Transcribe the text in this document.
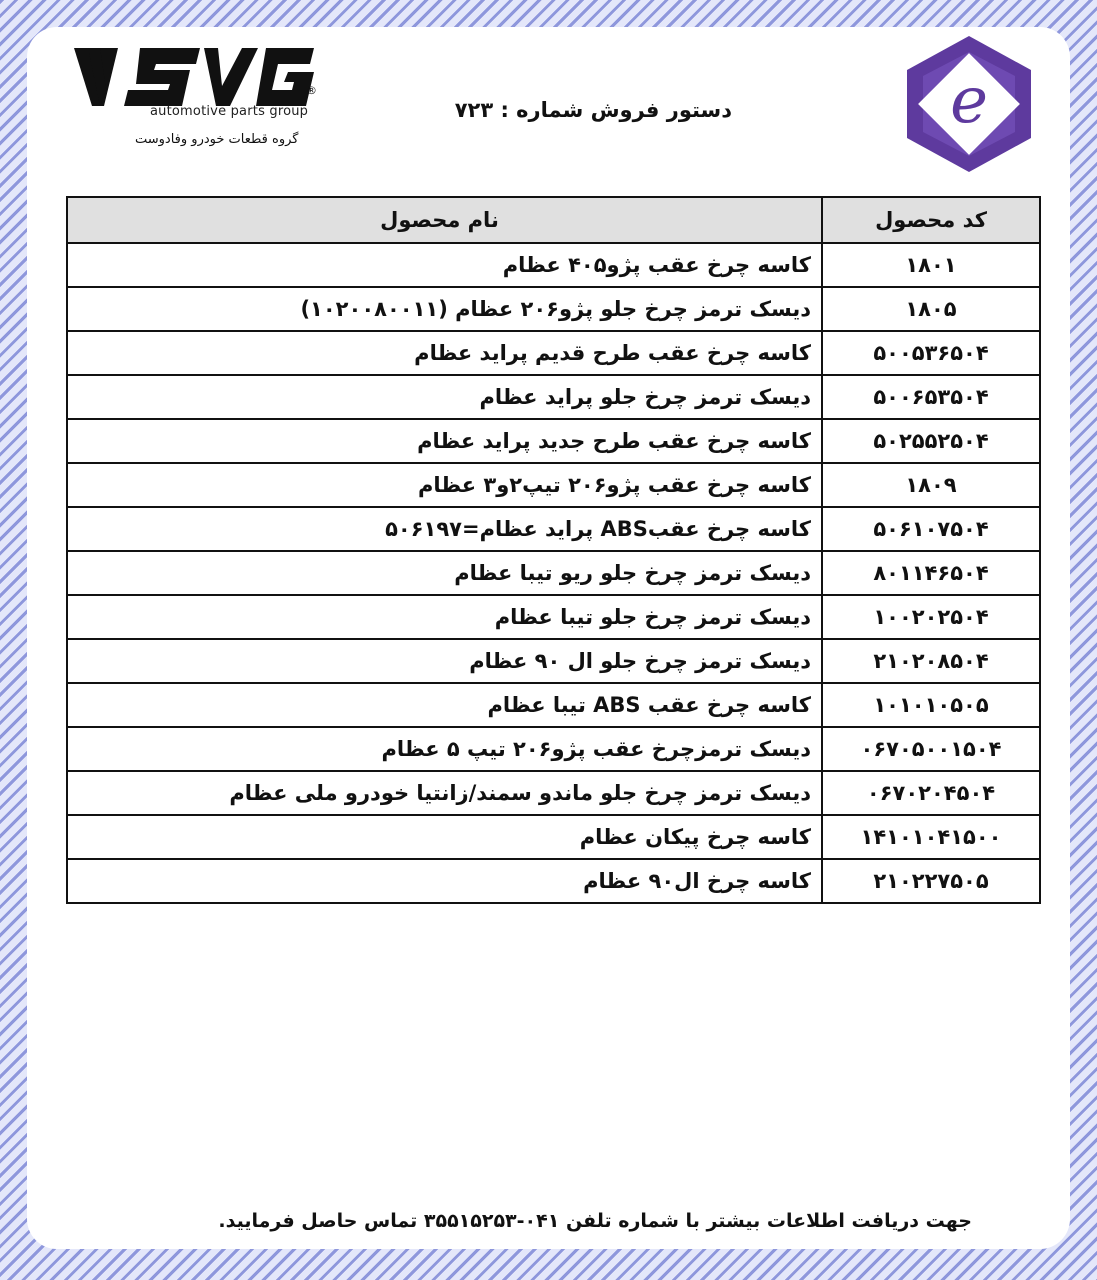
®
automotive parts group
گروه قطعات خودرو وفادوست
دستور فروش شماره : ۷۲۳	e
کد محصول	نام محصول
۱۸۰۱	کاسه چرخ عقب پژو۴۰۵ عظام
۱۸۰۵	دیسک ترمز چرخ جلو پژو۲۰۶ عظام (۱۰۲۰۰۸۰۰۱۱)
۵۰۰۵۳۶۵۰۴	کاسه چرخ عقب طرح قدیم پراید عظام
۵۰۰۶۵۳۵۰۴	دیسک ترمز چرخ جلو پراید عظام
۵۰۲۵۵۲۵۰۴	کاسه چرخ عقب طرح جدید پراید عظام
۱۸۰۹	کاسه چرخ عقب پژو۲۰۶ تیپ۲و۳ عظام
۵۰۶۱۰۷۵۰۴	کاسه چرخ عقبABS پراید عظام=۵۰۶۱۹۷
۸۰۱۱۴۶۵۰۴	دیسک ترمز چرخ جلو ریو تیبا عظام
۱۰۰۲۰۲۵۰۴	دیسک ترمز چرخ جلو تیبا عظام
۲۱۰۲۰۸۵۰۴	دیسک ترمز چرخ جلو ال ۹۰ عظام
۱۰۱۰۱۰۵۰۵	کاسه چرخ عقب ABS تیبا عظام
۰۶۷۰۵۰۰۱۵۰۴	دیسک ترمزچرخ عقب پژو۲۰۶ تیپ ۵ عظام
۰۶۷۰۲۰۴۵۰۴	دیسک ترمز چرخ جلو ماندو سمند/زانتیا خودرو ملی عظام
۱۴۱۰۱۰۴۱۵۰۰	کاسه چرخ پیکان عظام
۲۱۰۲۲۷۵۰۵	کاسه چرخ ال۹۰ عظام
جهت دریافت اطلاعات بیشتر با شماره تلفن ۰۴۱-۳۵۵۱۵۲۵۳ تماس حاصل فرمایید.
